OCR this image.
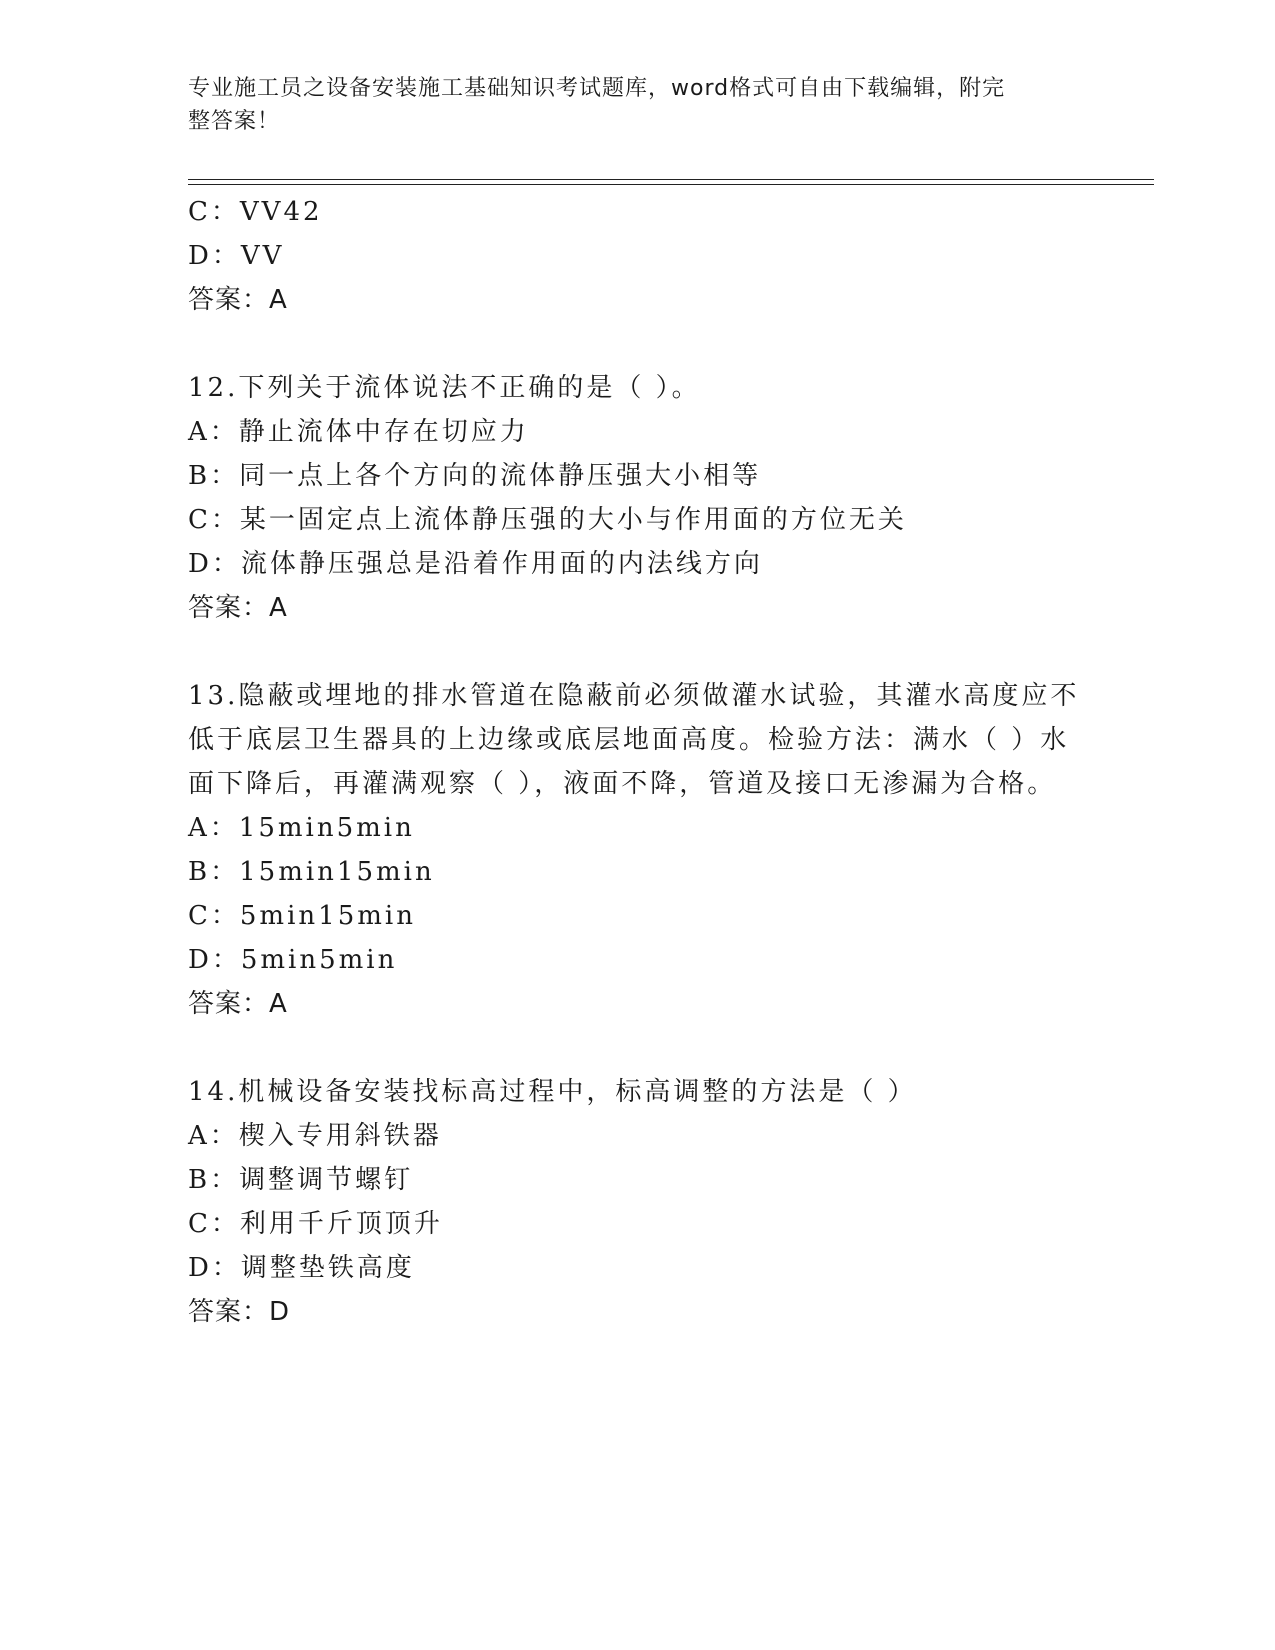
专业施工员之设备安装施工基础知识考试题库，word格式可自由下载编辑，附完
整答案！
C：VV42
D：VV
答案：A
12.下列关于流体说法不正确的是（ ）。
A：静止流体中存在切应力
B：同一点上各个方向的流体静压强大小相等
C：某一固定点上流体静压强的大小与作用面的方位无关
D：流体静压强总是沿着作用面的内法线方向
答案：A
13.隐蔽或埋地的排水管道在隐蔽前必须做灌水试验，其灌水高度应不
低于底层卫生器具的上边缘或底层地面高度。检验方法：满水（ ）水
面下降后，再灌满观察（ ），液面不降，管道及接口无渗漏为合格。
A：15min5min
B：15min15min
C：5min15min
D：5min5min
答案：A
14.机械设备安装找标高过程中，标高调整的方法是（ ）
A：楔入专用斜铁器
B：调整调节螺钉
C：利用千斤顶顶升
D：调整垫铁高度
答案：D
